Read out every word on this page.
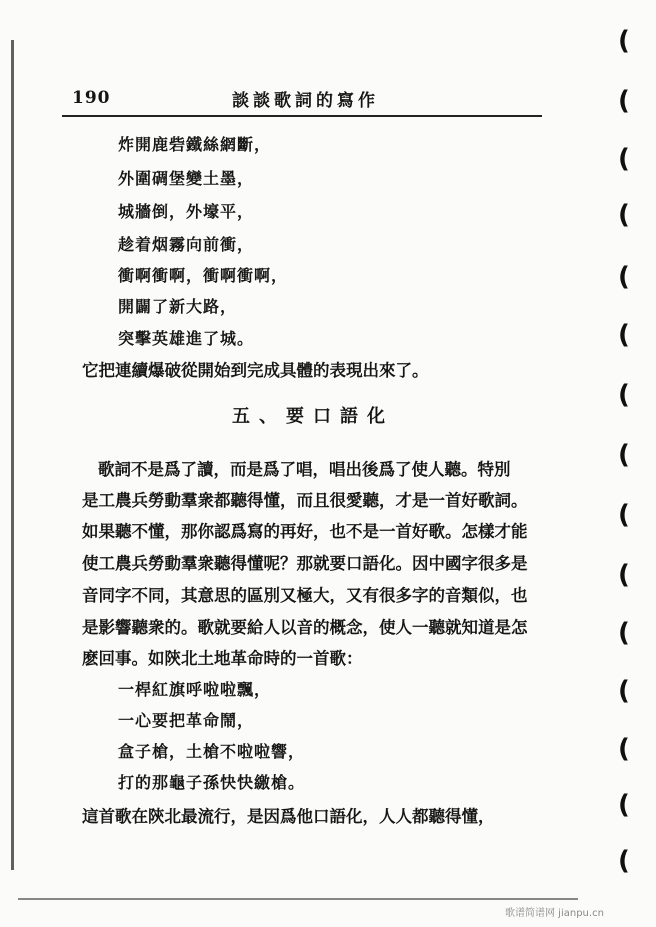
190	談談歌詞的寫作
炸開鹿砦鐵絲網斷，
外圍碉堡變土墨，
城牆倒，外壕平，
趁着烟霧向前衝，
衝啊衝啊，衝啊衝啊，
開闢了新大路，
突擊英雄進了城。
它把連續爆破從開始到完成具體的表現出來了。
五、要口語化
歌詞不是爲了讀，而是爲了唱，唱出後爲了使人聽。特別
是工農兵勞動羣衆都聽得懂，而且很愛聽，才是一首好歌詞。
如果聽不懂，那你認爲寫的再好，也不是一首好歌。怎樣才能
使工農兵勞動羣衆聽得懂呢？那就要口語化。因中國字很多是
音同字不同，其意思的區別又極大，又有很多字的音類似，也
是影響聽衆的。歌就要給人以音的概念，使人一聽就知道是怎
麽回事。如陝北土地革命時的一首歌：
一桿紅旗呼啦啦飄，
一心要把革命鬧，
盒子槍，土槍不啦啦響，
打的那龜子孫快快繳槍。
這首歌在陝北最流行，是因爲他口語化，人人都聽得懂，
(
(
(
(
(
(
(
(
(
(
(
(
(
(
(
歌谱简谱网 jianpu.cn
